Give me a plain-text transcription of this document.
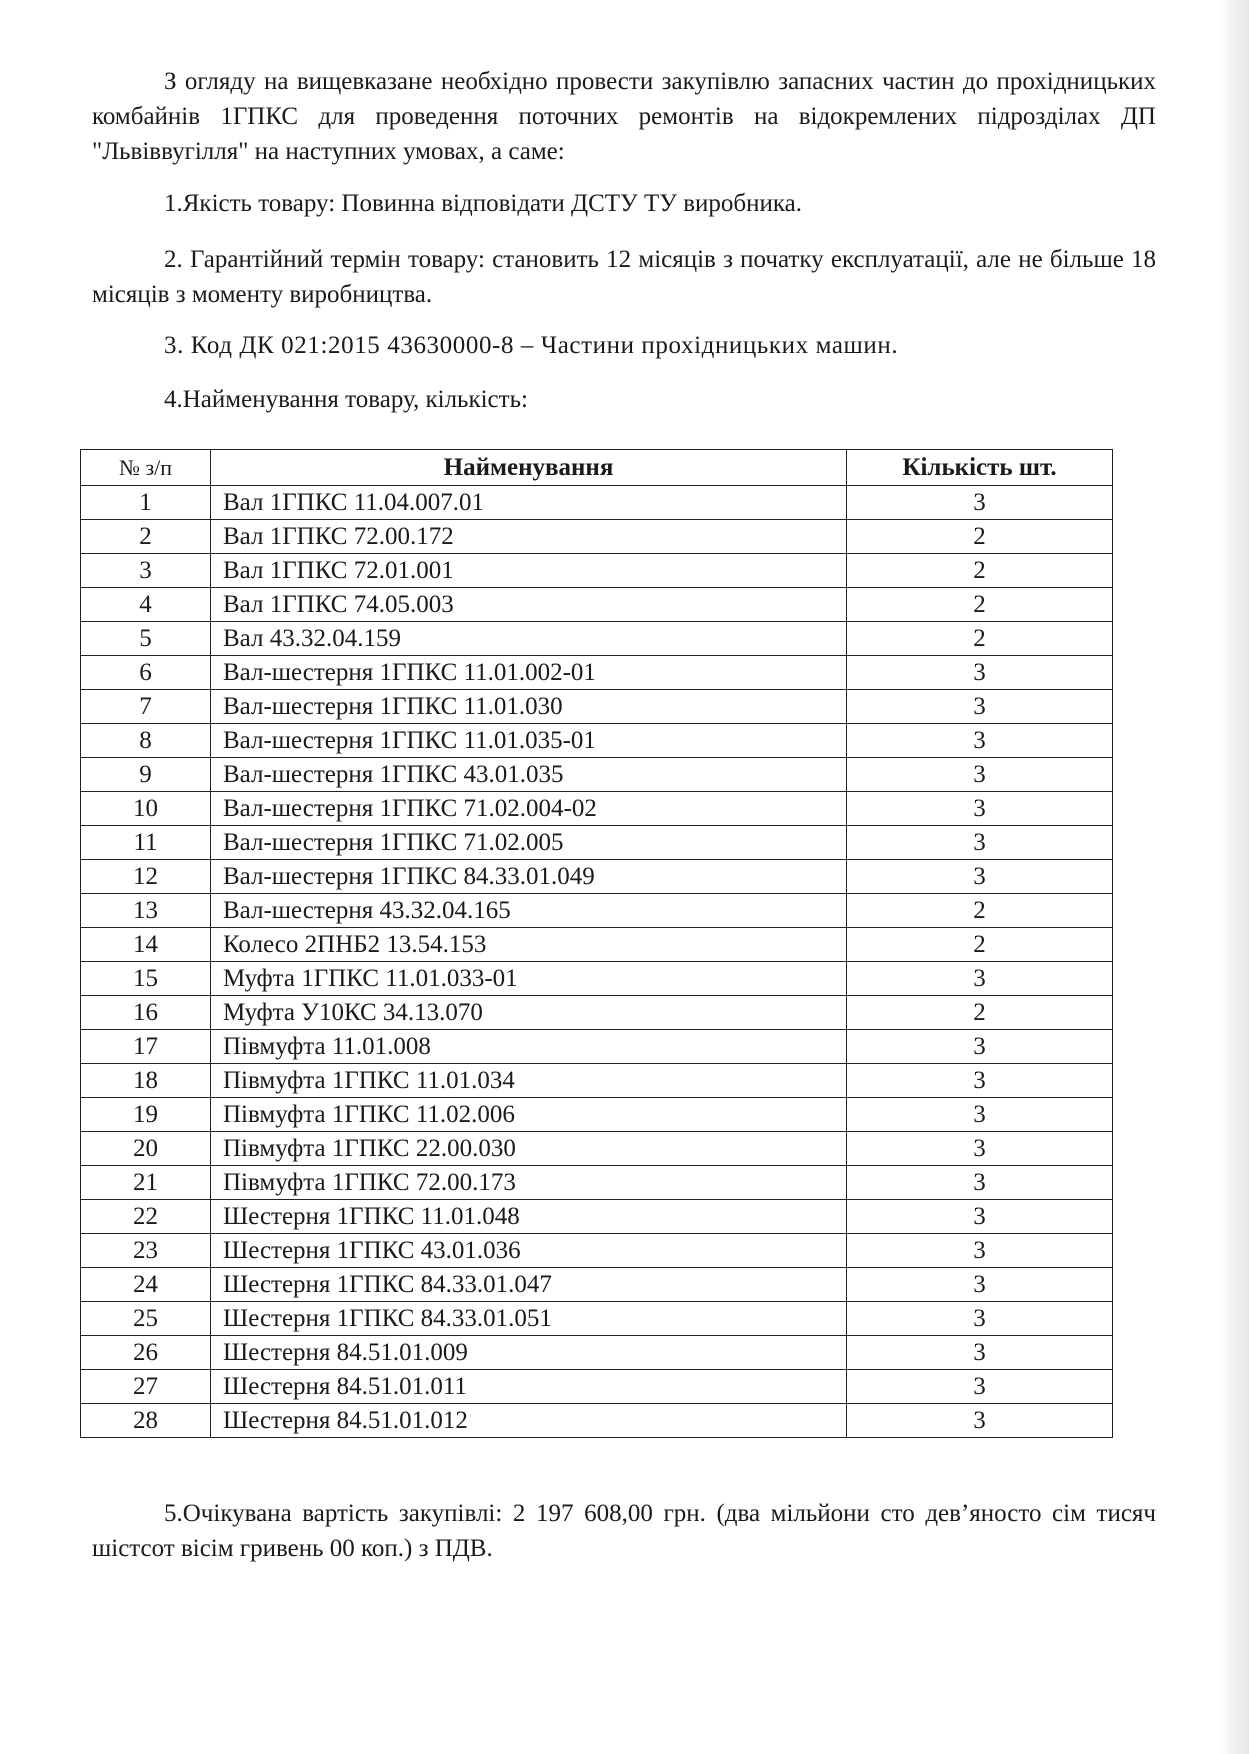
З огляду на вищевказане необхідно провести закупівлю запасних частин до прохідницьких комбайнів 1ГПКС для проведення поточних ремонтів на відокремлених підрозділах ДП "Львіввугілля" на наступних умовах, а саме:

1.Якість товару: Повинна відповідати ДСТУ ТУ виробника.

2. Гарантійний термін товару: становить 12 місяців з початку експлуатації, але не більше 18 місяців з моменту виробництва.

3. Код ДК 021:2015 43630000-8 – Частини прохідницьких машин.

4.Найменування товару, кількість:

№ з/п	Найменування	Кількість шт.
1	Вал 1ГПКС 11.04.007.01	3
2	Вал 1ГПКС 72.00.172	2
3	Вал 1ГПКС 72.01.001	2
4	Вал 1ГПКС 74.05.003	2
5	Вал 43.32.04.159	2
6	Вал-шестерня 1ГПКС 11.01.002-01	3
7	Вал-шестерня 1ГПКС 11.01.030	3
8	Вал-шестерня 1ГПКС 11.01.035-01	3
9	Вал-шестерня 1ГПКС 43.01.035	3
10	Вал-шестерня 1ГПКС 71.02.004-02	3
11	Вал-шестерня 1ГПКС 71.02.005	3
12	Вал-шестерня 1ГПКС 84.33.01.049	3
13	Вал-шестерня 43.32.04.165	2
14	Колесо 2ПНБ2 13.54.153	2
15	Муфта 1ГПКС 11.01.033-01	3
16	Муфта У10КС 34.13.070	2
17	Півмуфта 11.01.008	3
18	Півмуфта 1ГПКС 11.01.034	3
19	Півмуфта 1ГПКС 11.02.006	3
20	Півмуфта 1ГПКС 22.00.030	3
21	Півмуфта 1ГПКС 72.00.173	3
22	Шестерня 1ГПКС 11.01.048	3
23	Шестерня 1ГПКС 43.01.036	3
24	Шестерня 1ГПКС 84.33.01.047	3
25	Шестерня 1ГПКС 84.33.01.051	3
26	Шестерня 84.51.01.009	3
27	Шестерня 84.51.01.011	3
28	Шестерня 84.51.01.012	3

5.Очікувана вартість закупівлі: 2 197 608,00 грн. (два мільйони сто дев’яносто сім тисяч шістсот вісім гривень 00 коп.) з ПДВ.
